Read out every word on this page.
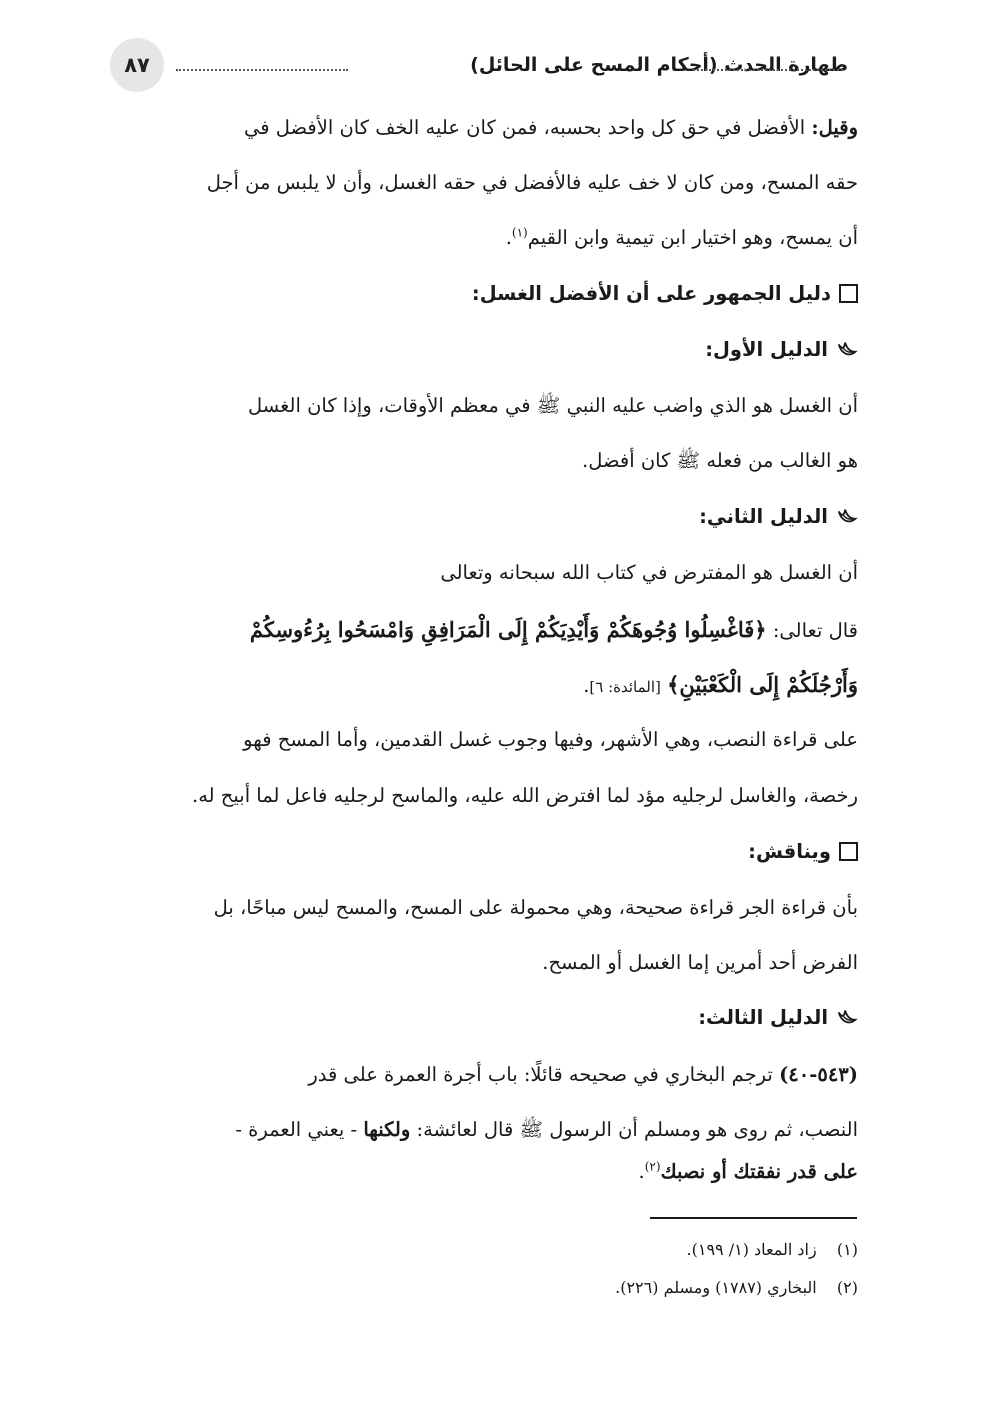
٨٧	طهارة الحدث (أحكام المسح على الحائل)
وقيل: الأفضل في حق كل واحد بحسبه، فمن كان عليه الخف كان الأفضل في
حقه المسح، ومن كان لا خف عليه فالأفضل في حقه الغسل، وأن لا يلبس من أجل
أن يمسح، وهو اختيار ابن تيمية وابن القيم$^{(١)}$.
دليل الجمهور على أن الأفضل الغسل:
الدليل الأول:
أن الغسل هو الذي واضب عليه النبي ﷺ في معظم الأوقات، وإذا كان الغسل
هو الغالب من فعله ﷺ كان أفضل.
الدليل الثاني:
أن الغسل هو المفترض في كتاب الله سبحانه وتعالى
قال تعالى: ﴿فَاغْسِلُوا وُجُوهَكُمْ وَأَيْدِيَكُمْ إِلَى الْمَرَافِقِ وَامْسَحُوا بِرُءُوسِكُمْ
وَأَرْجُلَكُمْ إِلَى الْكَعْبَيْنِ﴾ [المائدة: ٦].
على قراءة النصب، وهي الأشهر، وفيها وجوب غسل القدمين، وأما المسح فهو
رخصة، والغاسل لرجليه مؤد لما افترض الله عليه، والماسح لرجليه فاعل لما أبيح له.
ويناقش:
بأن قراءة الجر قراءة صحيحة، وهي محمولة على المسح، والمسح ليس مباحًا، بل
الفرض أحد أمرين إما الغسل أو المسح.
الدليل الثالث:
(٥٤٣-٤٠) ترجم البخاري في صحيحه قائلًا: باب أجرة العمرة على قدر
النصب، ثم روى هو ومسلم أن الرسول ﷺ قال لعائشة: ولكنها - يعني العمرة -
على قدر نفقتك أو نصبك$^{(٢)}$.
(١)  زاد المعاد (١/ ١٩٩).
(٢)  البخاري (١٧٨٧) ومسلم (٢٢٦).
